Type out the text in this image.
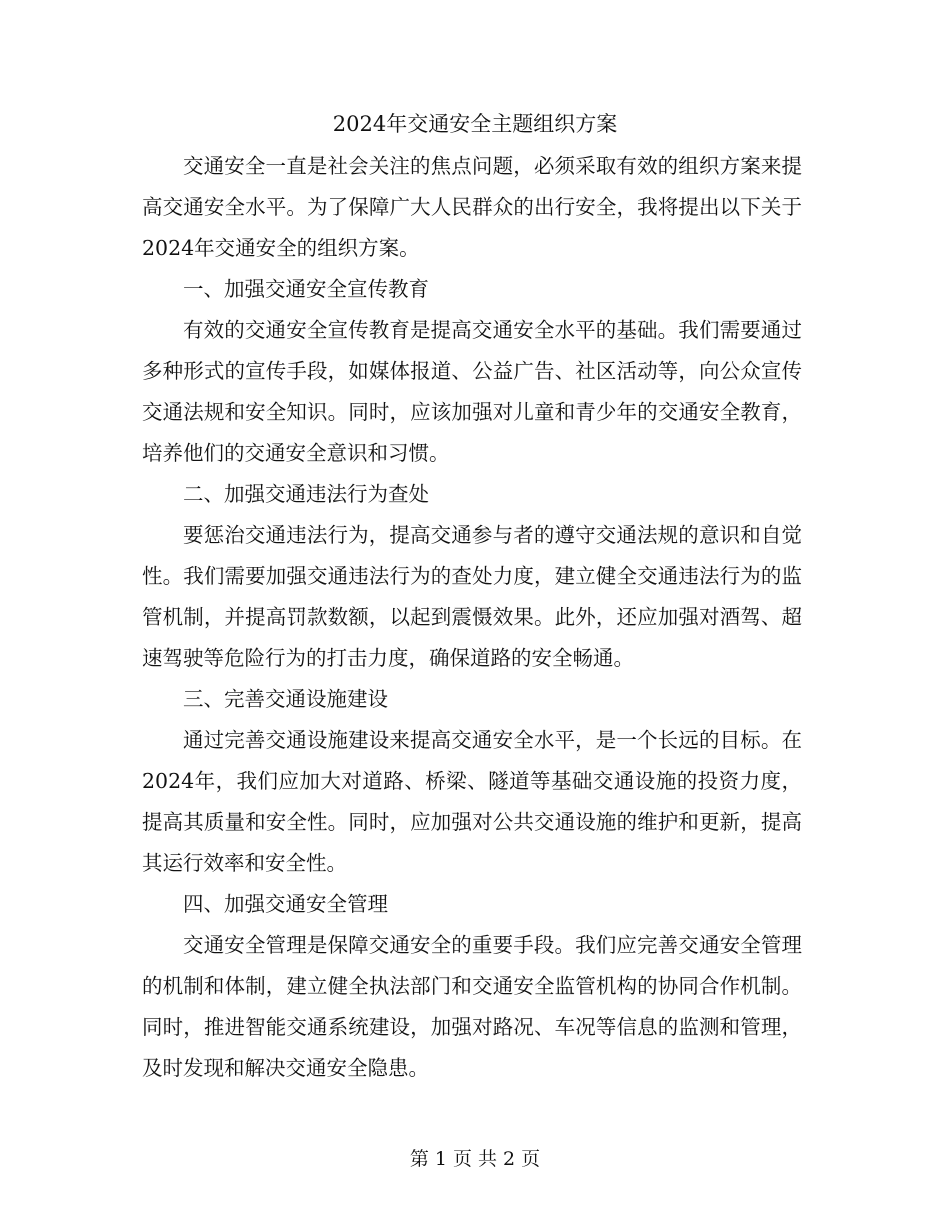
2024年交通安全主题组织方案

交通安全一直是社会关注的焦点问题，必须采取有效的组织方案来提高交通安全水平。为了保障广大人民群众的出行安全，我将提出以下关于2024年交通安全的组织方案。

一、加强交通安全宣传教育

有效的交通安全宣传教育是提高交通安全水平的基础。我们需要通过多种形式的宣传手段，如媒体报道、公益广告、社区活动等，向公众宣传交通法规和安全知识。同时，应该加强对儿童和青少年的交通安全教育，培养他们的交通安全意识和习惯。

二、加强交通违法行为查处

要惩治交通违法行为，提高交通参与者的遵守交通法规的意识和自觉性。我们需要加强交通违法行为的查处力度，建立健全交通违法行为的监管机制，并提高罚款数额，以起到震慑效果。此外，还应加强对酒驾、超速驾驶等危险行为的打击力度，确保道路的安全畅通。

三、完善交通设施建设

通过完善交通设施建设来提高交通安全水平，是一个长远的目标。在2024年，我们应加大对道路、桥梁、隧道等基础交通设施的投资力度，提高其质量和安全性。同时，应加强对公共交通设施的维护和更新，提高其运行效率和安全性。

四、加强交通安全管理

交通安全管理是保障交通安全的重要手段。我们应完善交通安全管理的机制和体制，建立健全执法部门和交通安全监管机构的协同合作机制。同时，推进智能交通系统建设，加强对路况、车况等信息的监测和管理，及时发现和解决交通安全隐患。

第 1 页 共 2 页
